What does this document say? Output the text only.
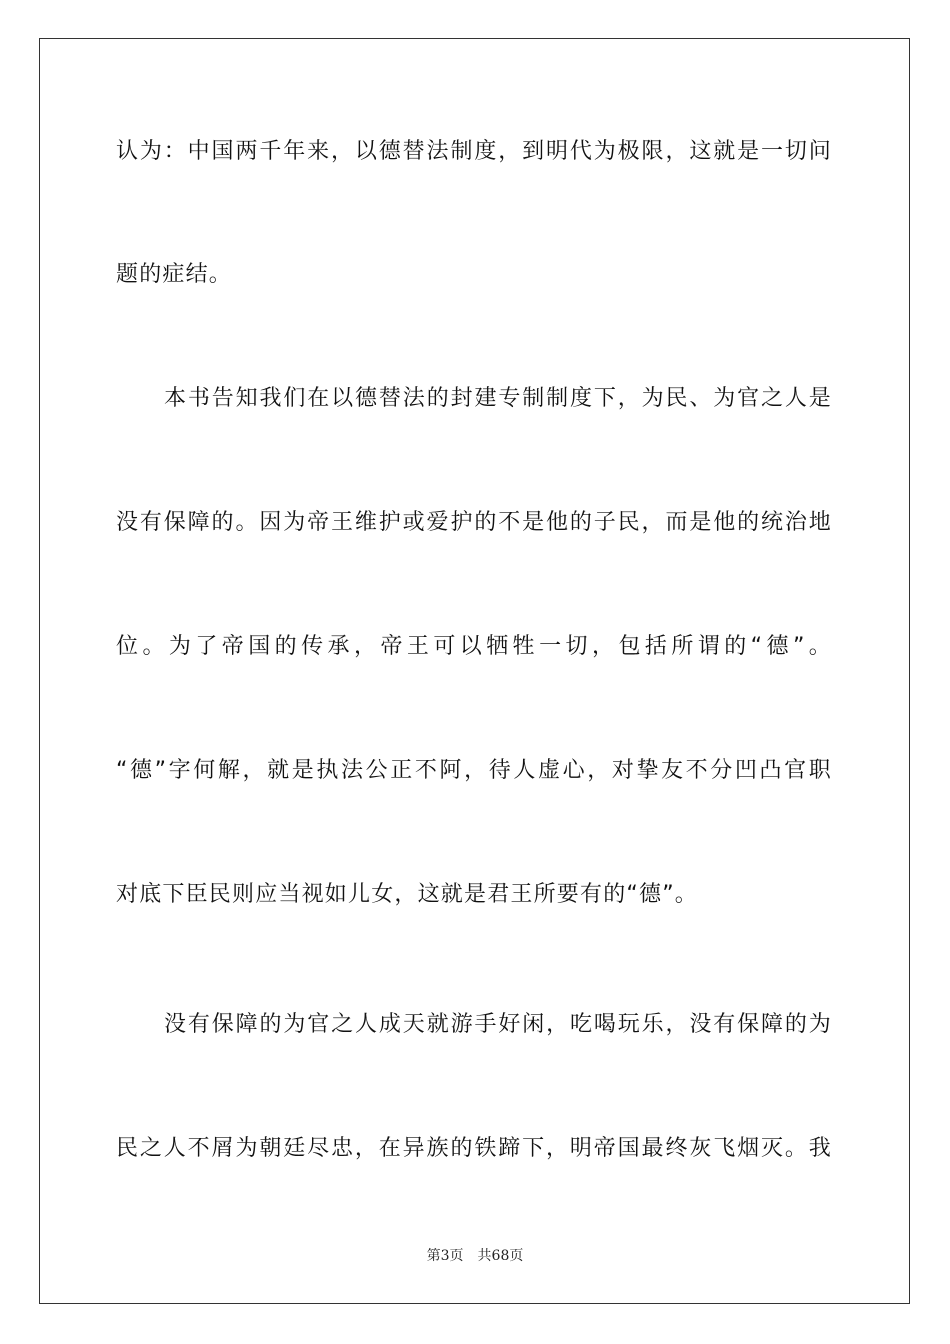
认为：中国两千年来，以德替法制度，到明代为极限，这就是一切问
题的症结。
本书告知我们在以德替法的封建专制制度下，为民、为官之人是
没有保障的。因为帝王维护或爱护的不是他的子民，而是他的统治地
位。为了帝国的传承，帝王可以牺牲一切，包括所谓的“德”。
“德”字何解，就是执法公正不阿，待人虚心，对挚友不分凹凸官职
对底下臣民则应当视如儿女，这就是君王所要有的“德”。
没有保障的为官之人成天就游手好闲，吃喝玩乐，没有保障的为
民之人不屑为朝廷尽忠，在异族的铁蹄下，明帝国最终灰飞烟灭。我
第3页 共68页
